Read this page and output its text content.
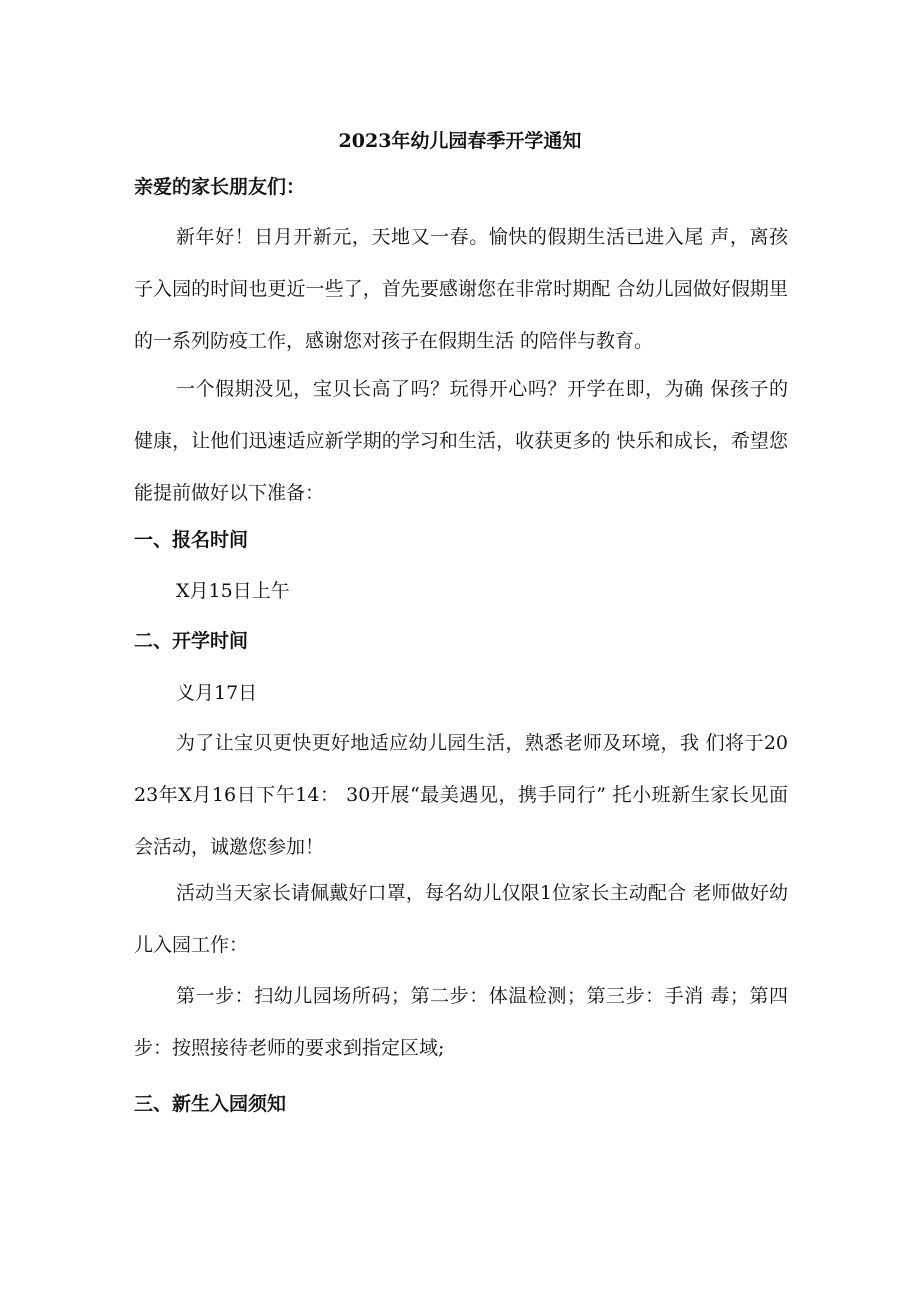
2023年幼儿园春季开学通知

亲爱的家长朋友们：

新年好！日月开新元，天地又一春。愉快的假期生活已进入尾 声，离孩子入园的时间也更近一些了，首先要感谢您在非常时期配 合幼儿园做好假期里的一系列防疫工作，感谢您对孩子在假期生活 的陪伴与教育。

一个假期没见，宝贝长高了吗？玩得开心吗？开学在即，为确 保孩子的健康，让他们迅速适应新学期的学习和生活，收获更多的 快乐和成长，希望您能提前做好以下准备：

一、报名时间

X月15日上午

二、开学时间

义月17日

为了让宝贝更快更好地适应幼儿园生活，熟悉老师及环境，我 们将于2023年X月16日下午14： 30开展“最美遇见，携手同行” 托小班新生家长见面会活动，诚邀您参加！

活动当天家长请佩戴好口罩，每名幼儿仅限1位家长主动配合 老师做好幼儿入园工作：

第一步：扫幼儿园场所码；第二步：体温检测；第三步：手消 毒；第四步：按照接待老师的要求到指定区域;

三、新生入园须知
